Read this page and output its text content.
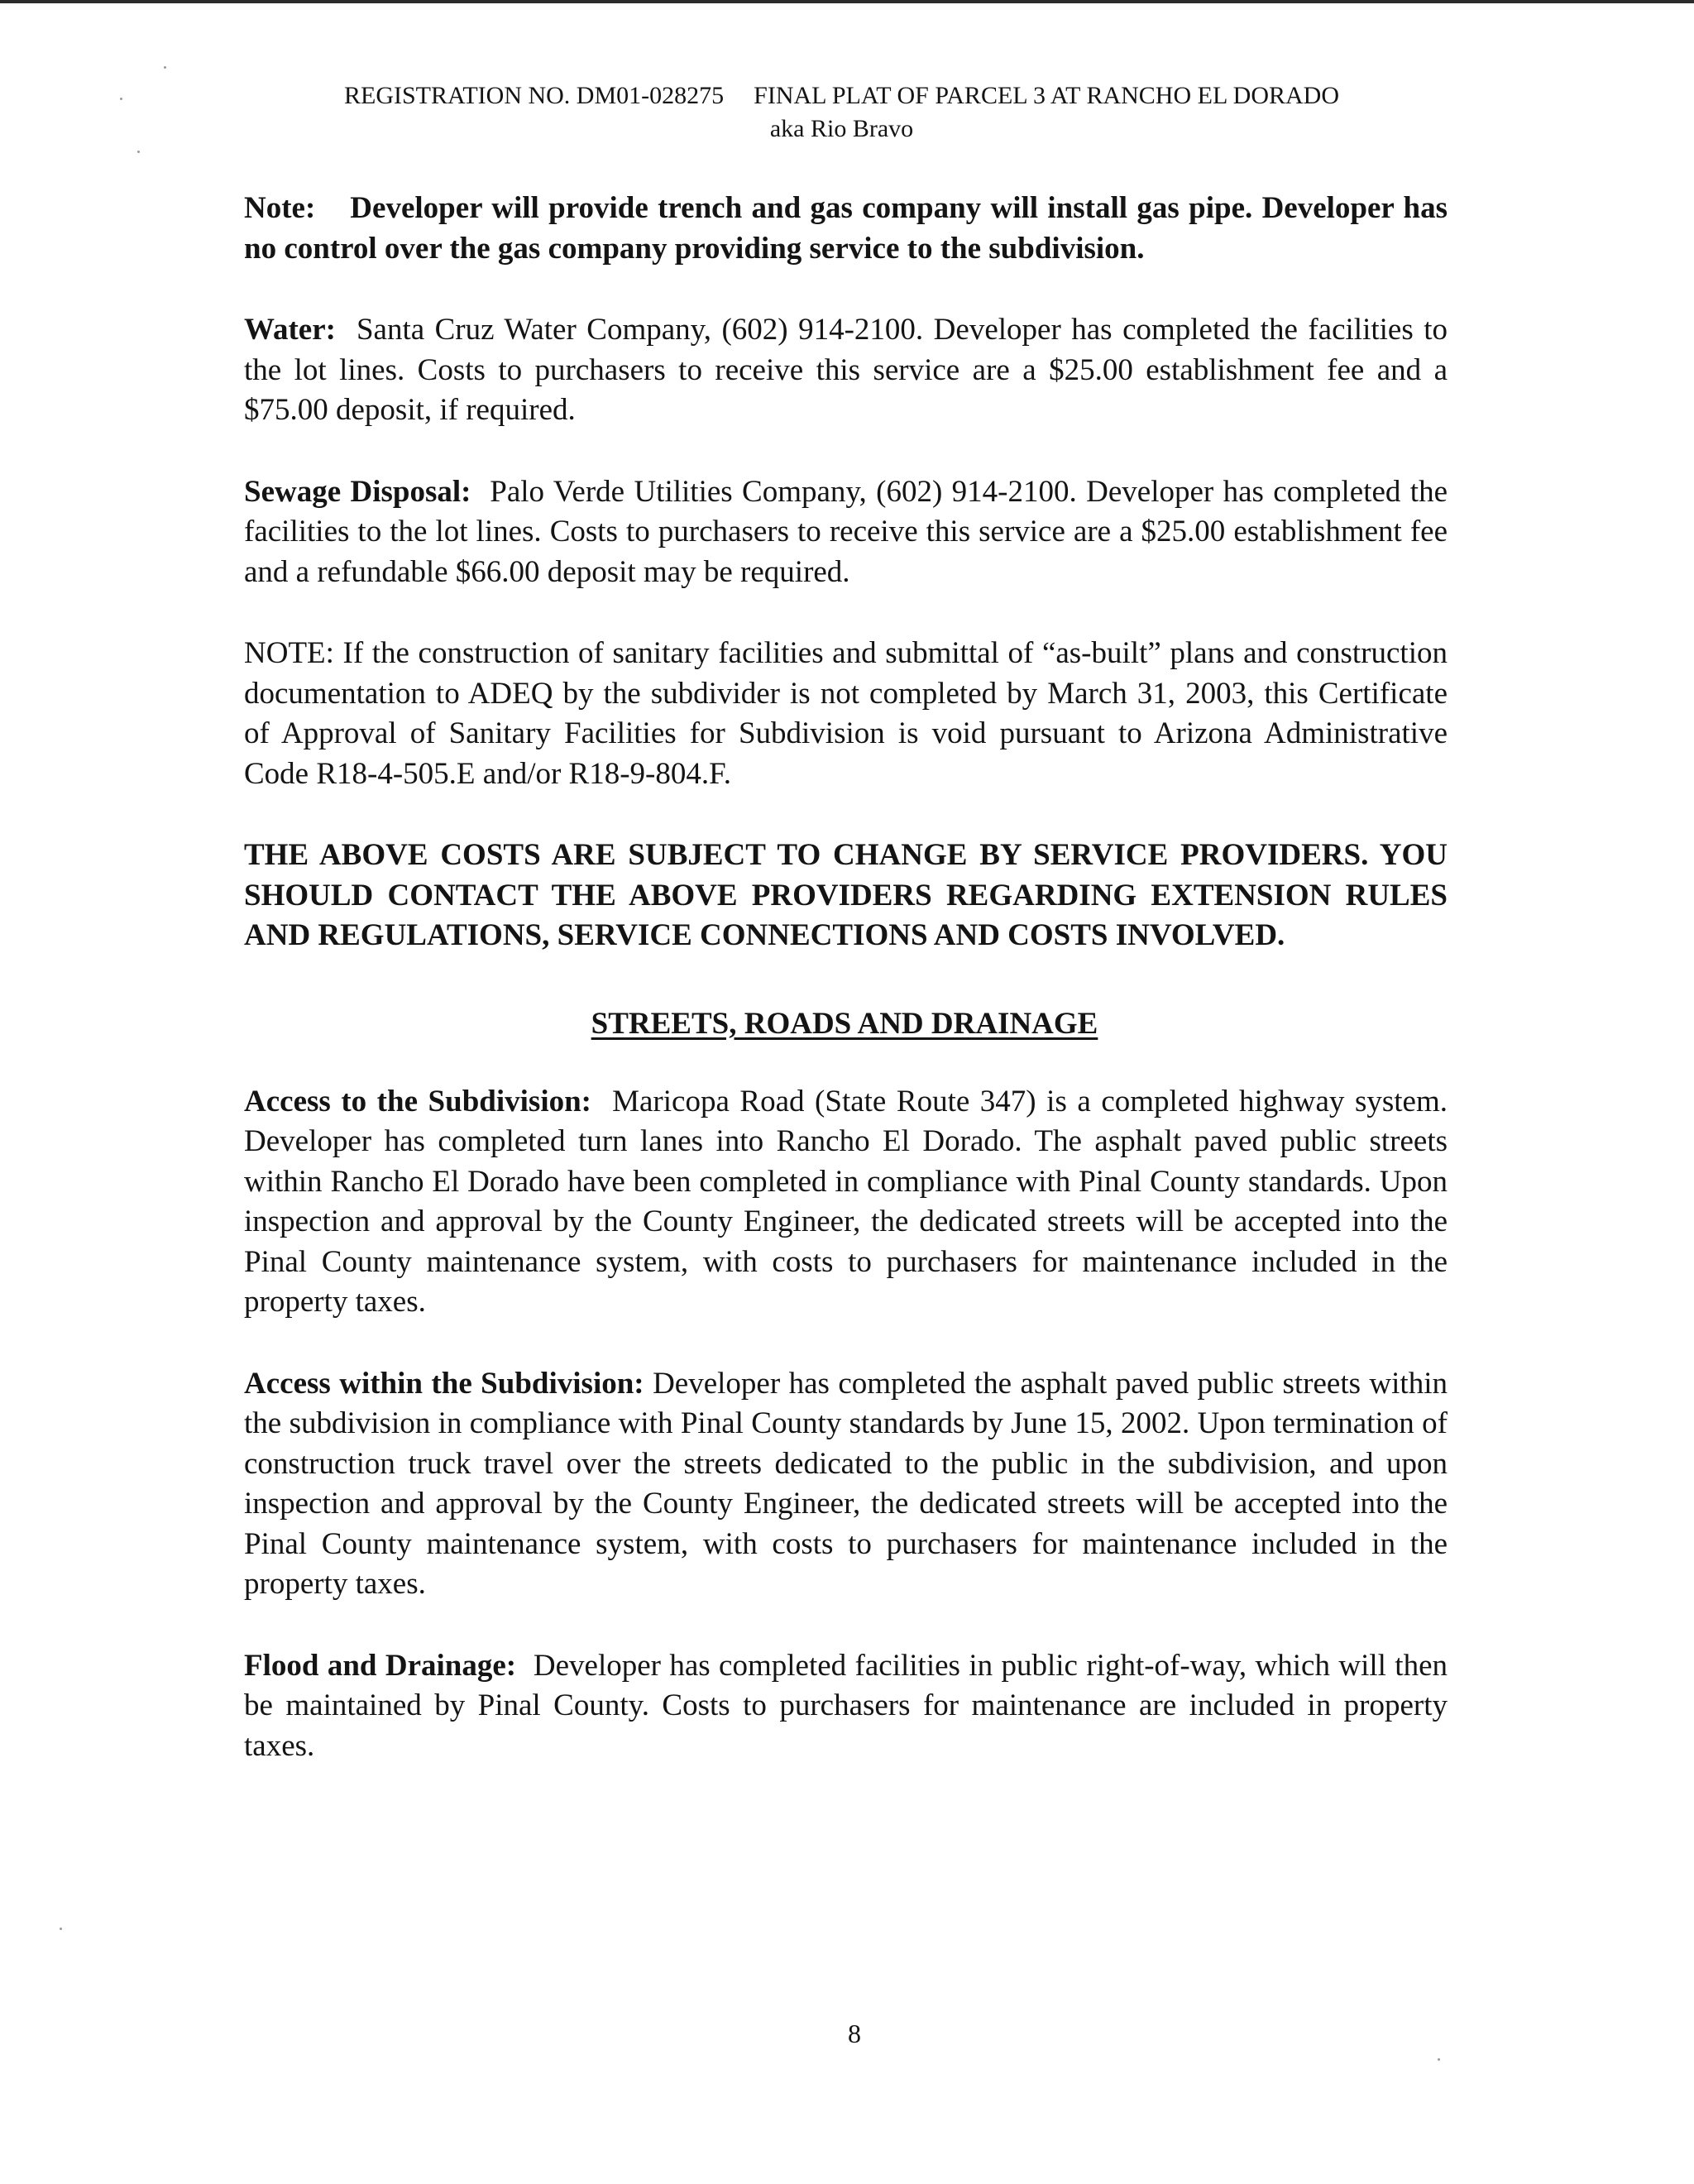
REGISTRATION NO. DM01-028275 FINAL PLAT OF PARCEL 3 AT RANCHO EL DORADO
aka Rio Bravo

Note: Developer will provide trench and gas company will install gas pipe. Developer has no control over the gas company providing service to the subdivision.

Water: Santa Cruz Water Company, (602) 914-2100. Developer has completed the facilities to the lot lines. Costs to purchasers to receive this service are a $25.00 establishment fee and a $75.00 deposit, if required.

Sewage Disposal: Palo Verde Utilities Company, (602) 914-2100. Developer has completed the facilities to the lot lines. Costs to purchasers to receive this service are a $25.00 establishment fee and a refundable $66.00 deposit may be required.

NOTE: If the construction of sanitary facilities and submittal of “as-built” plans and construction documentation to ADEQ by the subdivider is not completed by March 31, 2003, this Certificate of Approval of Sanitary Facilities for Subdivision is void pursuant to Arizona Administrative Code R18-4-505.E and/or R18-9-804.F.

THE ABOVE COSTS ARE SUBJECT TO CHANGE BY SERVICE PROVIDERS. YOU SHOULD CONTACT THE ABOVE PROVIDERS REGARDING EXTENSION RULES AND REGULATIONS, SERVICE CONNECTIONS AND COSTS INVOLVED.

STREETS, ROADS AND DRAINAGE

Access to the Subdivision: Maricopa Road (State Route 347) is a completed highway system. Developer has completed turn lanes into Rancho El Dorado. The asphalt paved public streets within Rancho El Dorado have been completed in compliance with Pinal County standards. Upon inspection and approval by the County Engineer, the dedicated streets will be accepted into the Pinal County maintenance system, with costs to purchasers for maintenance included in the property taxes.

Access within the Subdivision: Developer has completed the asphalt paved public streets within the subdivision in compliance with Pinal County standards by June 15, 2002. Upon termination of construction truck travel over the streets dedicated to the public in the subdivision, and upon inspection and approval by the County Engineer, the dedicated streets will be accepted into the Pinal County maintenance system, with costs to purchasers for maintenance included in the property taxes.

Flood and Drainage: Developer has completed facilities in public right-of-way, which will then be maintained by Pinal County. Costs to purchasers for maintenance are included in property taxes.

8
